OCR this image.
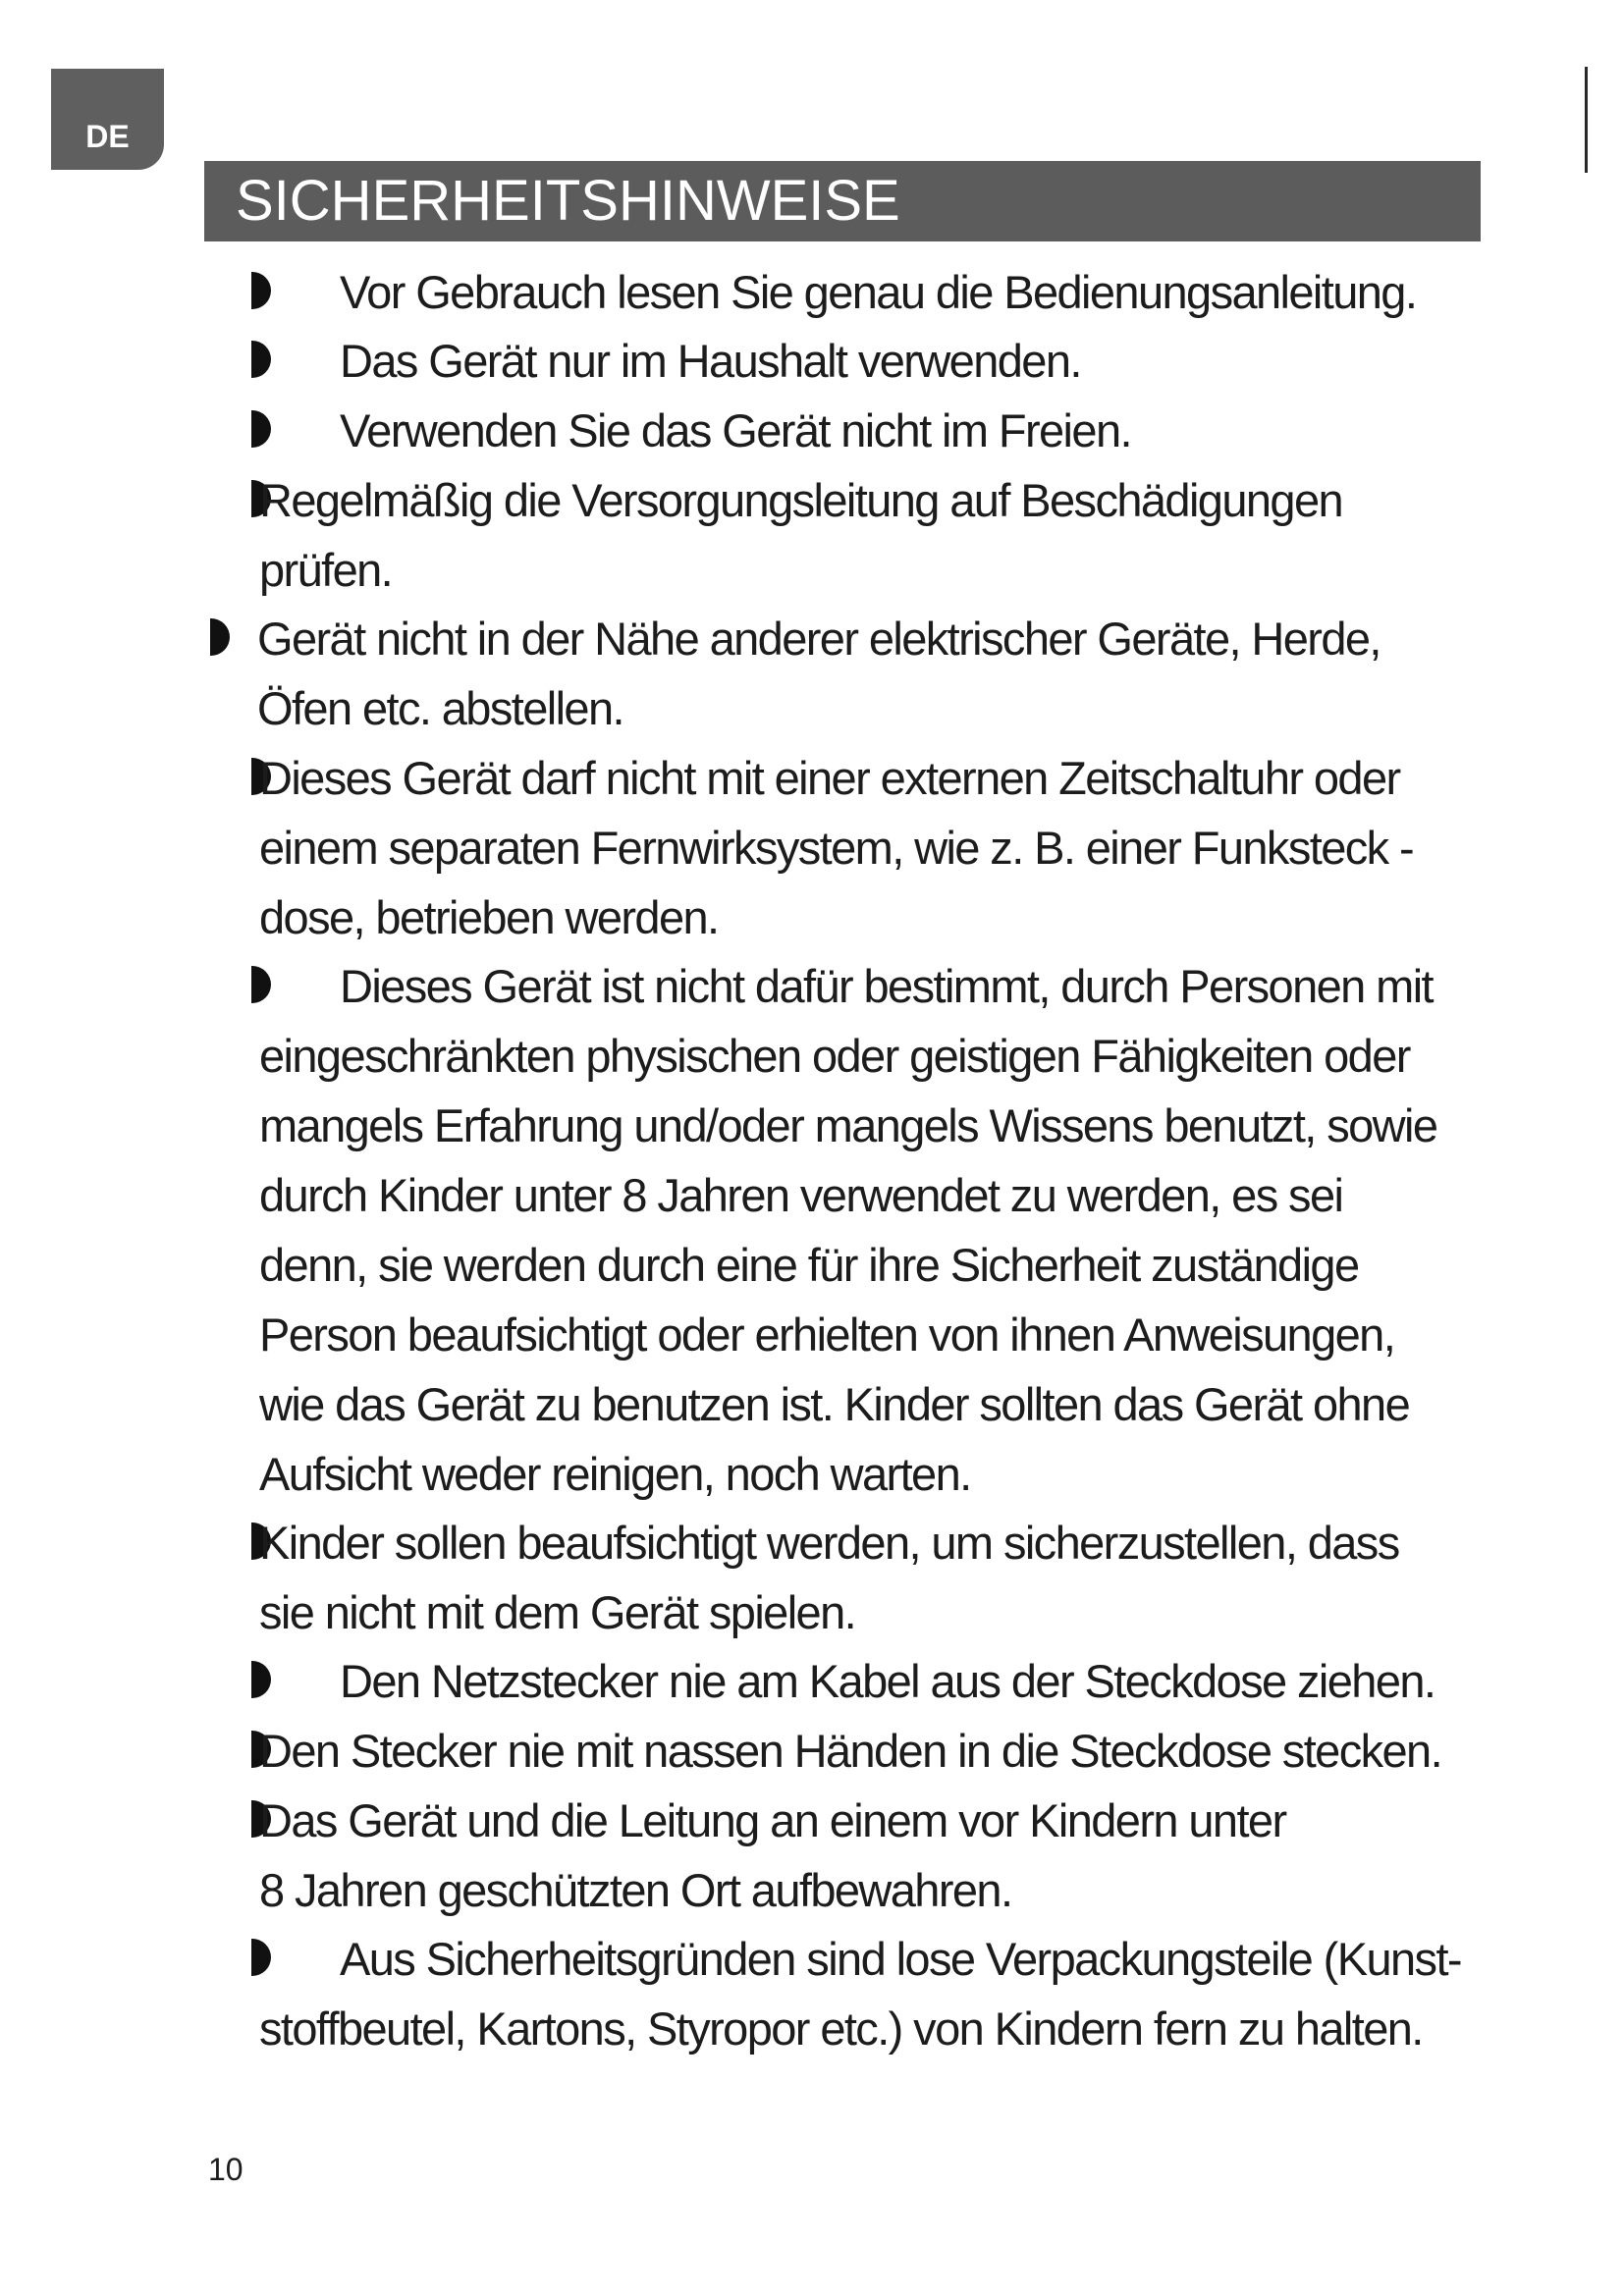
DE
SICHERHEITSHINWEISE
Vor Gebrauch lesen Sie genau die Bedienungsanleitung.
Das Gerät nur im Haushalt verwenden.
Verwenden Sie das Gerät nicht im Freien.
Regelmäßig die Versorgungsleitung auf Beschädigungen
prüfen.
Gerät nicht in der Nähe anderer elektrischer Geräte, Herde,
Öfen etc. abstellen.
Dieses Gerät darf nicht mit einer externen Zeitschaltuhr oder
einem separaten Fernwirksystem, wie z. B. einer Funksteck -
dose, betrieben werden.
Dieses Gerät ist nicht dafür bestimmt, durch Personen mit
eingeschränkten physischen oder geistigen Fähigkeiten oder
mangels Erfahrung und/oder mangels Wissens benutzt, sowie
durch Kinder unter 8 Jahren verwendet zu werden, es sei
denn, sie werden durch eine für ihre Sicherheit zuständige
Person beaufsichtigt oder erhielten von ihnen Anweisungen,
wie das Gerät zu benutzen ist. Kinder sollten das Gerät ohne
Aufsicht weder reinigen, noch warten.
Kinder sollen beaufsichtigt werden, um sicherzustellen, dass
sie nicht mit dem Gerät spielen.
Den Netzstecker nie am Kabel aus der Steckdose ziehen.
Den Stecker nie mit nassen Händen in die Steckdose stecken.
Das Gerät und die Leitung an einem vor Kindern unter
8 Jahren geschützten Ort aufbewahren.
Aus Sicherheitsgründen sind lose Verpackungsteile (Kunst-
stoffbeutel, Kartons, Styropor etc.) von Kindern fern zu halten.
10
